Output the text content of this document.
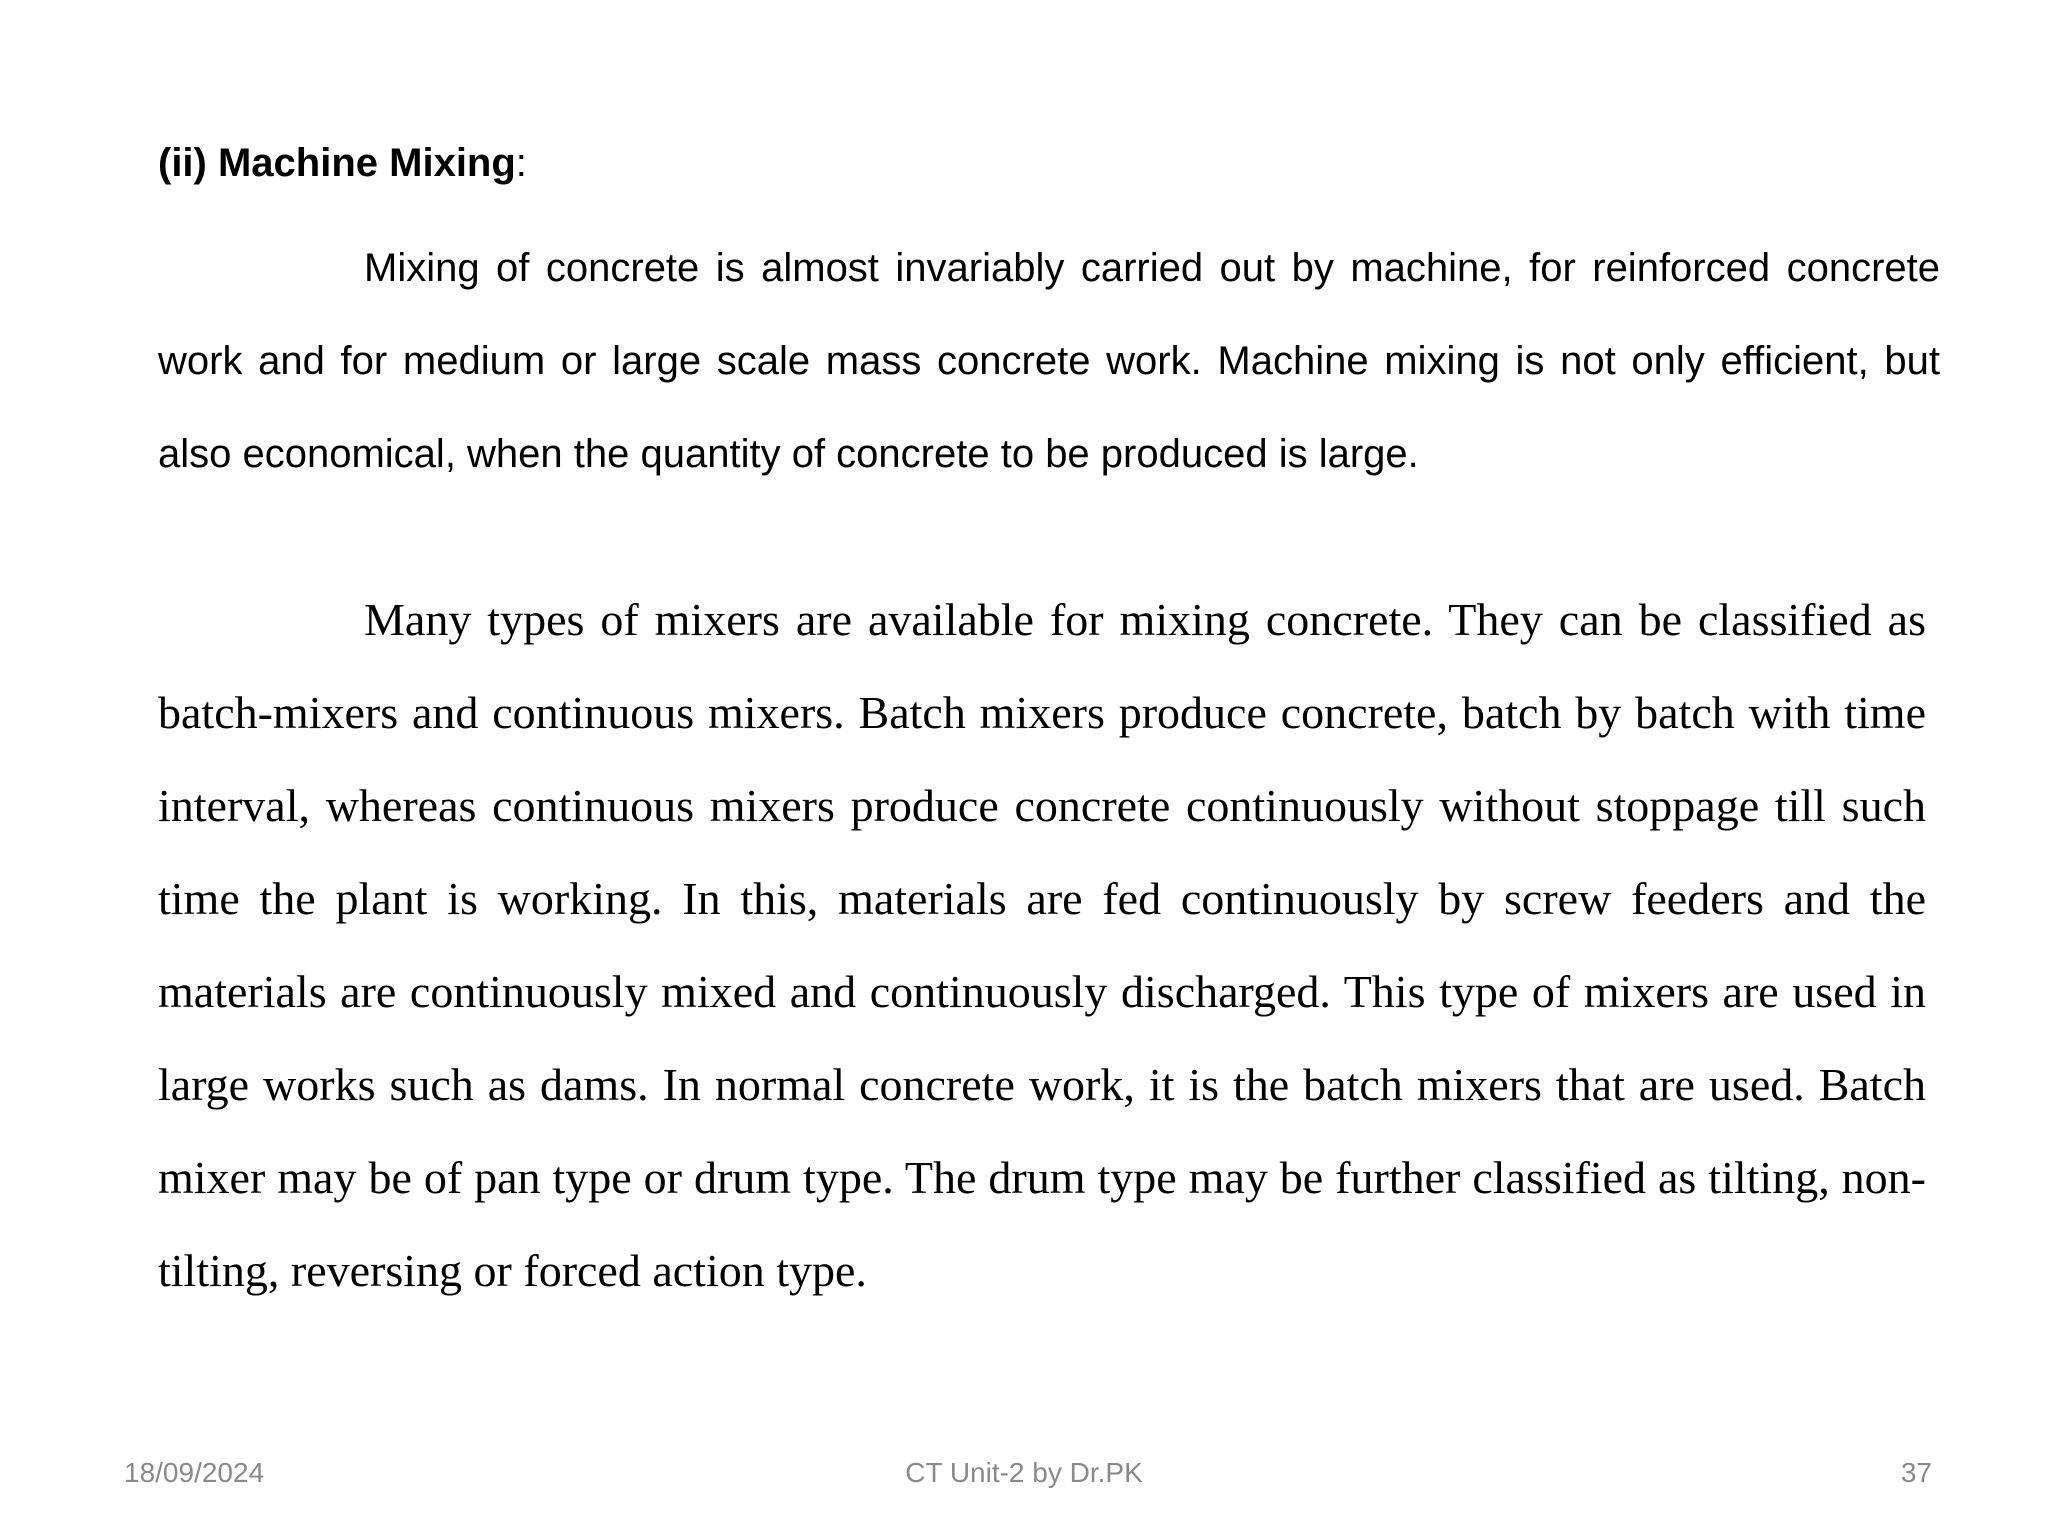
(ii) Machine Mixing:

Mixing of concrete is almost invariably carried out by machine, for reinforced concrete work and for medium or large scale mass concrete work. Machine mixing is not only efficient, but also economical, when the quantity of concrete to be produced is large.

Many types of mixers are available for mixing concrete. They can be classified as batch-mixers and continuous mixers. Batch mixers produce concrete, batch by batch with time interval, whereas continuous mixers produce concrete continuously without stoppage till such time the plant is working. In this, materials are fed continuously by screw feeders and the materials are continuously mixed and continuously discharged. This type of mixers are used in large works such as dams. In normal concrete work, it is the batch mixers that are used. Batch mixer may be of pan type or drum type. The drum type may be further classified as tilting, non-tilting, reversing or forced action type.

18/09/2024	CT Unit-2 by Dr.PK	37
